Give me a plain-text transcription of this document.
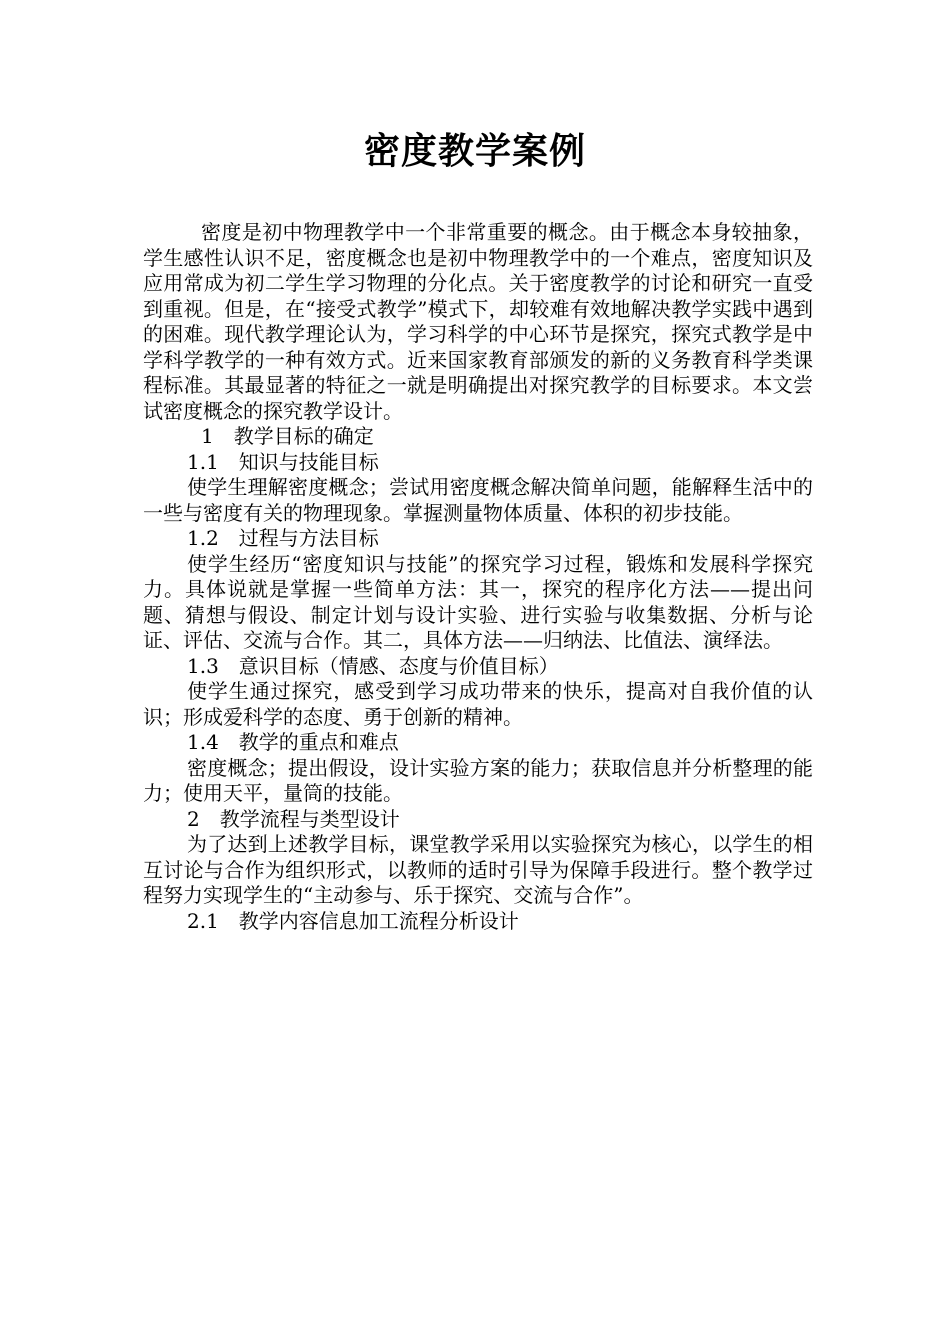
密度教学案例

密度是初中物理教学中一个非常重要的概念。由于概念本身较抽象，学生感性认识不足，密度概念也是初中物理教学中的一个难点，密度知识及应用常成为初二学生学习物理的分化点。关于密度教学的讨论和研究一直受到重视。但是，在“接受式教学”模式下，却较难有效地解决教学实践中遇到的困难。现代教学理论认为，学习科学的中心环节是探究，探究式教学是中学科学教学的一种有效方式。近来国家教育部颁发的新的义务教育科学类课程标准。其最显著的特征之一就是明确提出对探究教学的目标要求。本文尝试密度概念的探究教学设计。

1　教学目标的确定

1.1　知识与技能目标

使学生理解密度概念；尝试用密度概念解决简单问题，能解释生活中的一些与密度有关的物理现象。掌握测量物体质量、体积的初步技能。

1.2　过程与方法目标

使学生经历“密度知识与技能”的探究学习过程，锻炼和发展科学探究力。具体说就是掌握一些简单方法：其一，探究的程序化方法——提出问题、猜想与假设、制定计划与设计实验、进行实验与收集数据、分析与论证、评估、交流与合作。其二，具体方法——归纳法、比值法、演绎法。

1.3　意识目标（情感、态度与价值目标）

使学生通过探究，感受到学习成功带来的快乐，提高对自我价值的认识；形成爱科学的态度、勇于创新的精神。

1.4　教学的重点和难点

密度概念；提出假设，设计实验方案的能力；获取信息并分析整理的能力；使用天平，量筒的技能。

2　教学流程与类型设计

为了达到上述教学目标，课堂教学采用以实验探究为核心，以学生的相互讨论与合作为组织形式，以教师的适时引导为保障手段进行。整个教学过程努力实现学生的“主动参与、乐于探究、交流与合作”。

2.1　教学内容信息加工流程分析设计
